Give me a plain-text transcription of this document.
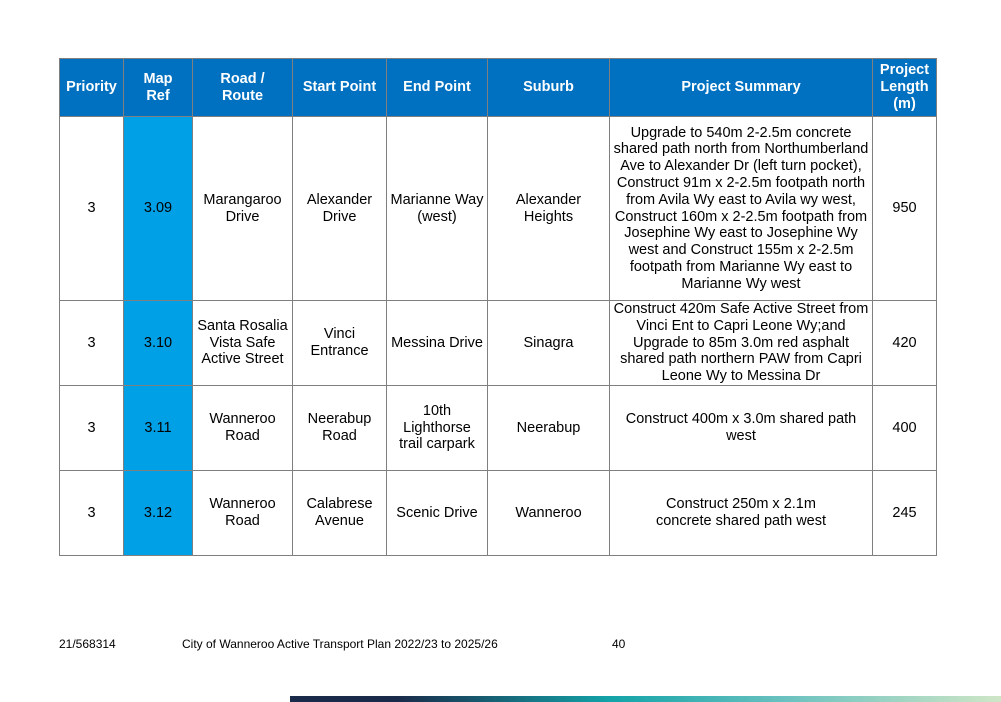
Priority	Map Ref	Road / Route	Start Point	End Point	Suburb	Project Summary	Project Length (m)
3	3.09	Marangaroo Drive	Alexander Drive	Marianne Way (west)	Alexander Heights	Upgrade to 540m 2-2.5m concrete shared path north from Northumberland Ave to Alexander Dr (left turn pocket), Construct 91m x 2-2.5m footpath north from Avila Wy east to Avila wy west, Construct 160m x 2-2.5m footpath from Josephine Wy east to Josephine Wy west and Construct 155m x 2-2.5m footpath from Marianne Wy east to Marianne Wy west	950
3	3.10	Santa Rosalia Vista Safe Active Street	Vinci Entrance	Messina Drive	Sinagra	Construct 420m Safe Active Street from Vinci Ent to Capri Leone Wy;and Upgrade to 85m 3.0m red asphalt shared path northern PAW from Capri Leone Wy to Messina Dr	420
3	3.11	Wanneroo Road	Neerabup Road	10th Lighthorse trail carpark	Neerabup	Construct 400m x 3.0m shared path west	400
3	3.12	Wanneroo Road	Calabrese Avenue	Scenic Drive	Wanneroo	Construct 250m x 2.1m concrete shared path west	245
21/568314	City of Wanneroo Active Transport Plan 2022/23 to 2025/26	40
